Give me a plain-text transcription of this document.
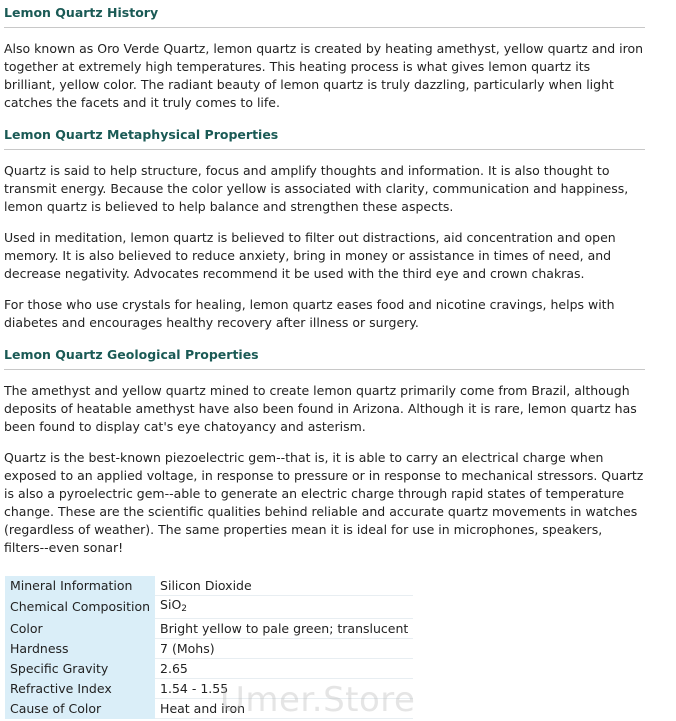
Lemon Quartz History

Also known as Oro Verde Quartz, lemon quartz is created by heating amethyst, yellow quartz and iron together at extremely high temperatures. This heating process is what gives lemon quartz its brilliant, yellow color. The radiant beauty of lemon quartz is truly dazzling, particularly when light catches the facets and it truly comes to life.

Lemon Quartz Metaphysical Properties

Quartz is said to help structure, focus and amplify thoughts and information. It is also thought to transmit energy. Because the color yellow is associated with clarity, communication and happiness, lemon quartz is believed to help balance and strengthen these aspects.

Used in meditation, lemon quartz is believed to filter out distractions, aid concentration and open memory. It is also believed to reduce anxiety, bring in money or assistance in times of need, and decrease negativity. Advocates recommend it be used with the third eye and crown chakras.

For those who use crystals for healing, lemon quartz eases food and nicotine cravings, helps with diabetes and encourages healthy recovery after illness or surgery.

Lemon Quartz Geological Properties

The amethyst and yellow quartz mined to create lemon quartz primarily come from Brazil, although deposits of heatable amethyst have also been found in Arizona. Although it is rare, lemon quartz has been found to display cat's eye chatoyancy and asterism.

Quartz is the best-known piezoelectric gem--that is, it is able to carry an electrical charge when exposed to an applied voltage, in response to pressure or in response to mechanical stressors. Quartz is also a pyroelectric gem--able to generate an electric charge through rapid states of temperature change. These are the scientific qualities behind reliable and accurate quartz movements in watches (regardless of weather). The same properties mean it is ideal for use in microphones, speakers, filters--even sonar!

Mineral Information	Silicon Dioxide
Chemical Composition	SiO2
Color	Bright yellow to pale green; translucent
Hardness	7 (Mohs)
Specific Gravity	2.65
Refractive Index	1.54 - 1.55
Cause of Color	Heat and iron
Umer.Store
